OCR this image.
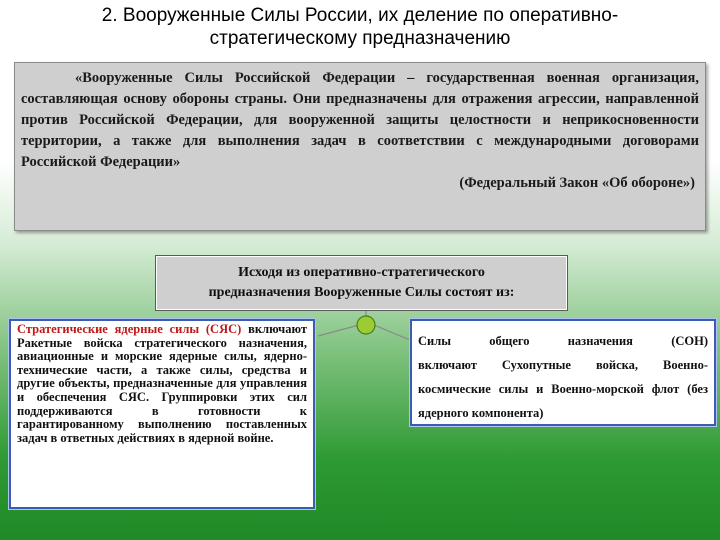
2. Вооруженные Силы России, их деление по оперативно-
стратегическому предназначению
«Вооруженные Силы Российской Федерации – государственная военная организация, составляющая основу обороны страны. Они предназначены для отражения агрессии, направленной против Российской Федерации, для вооруженной защиты целостности и неприкосновенности территории, а также для выполнения задач в соответствии с международными договорами Российской Федерации»
(Федеральный Закон «Об обороне»)
Исходя из оперативно-стратегического
предназначения Вооруженные Силы состоят из:
Стратегические ядерные силы (СЯС) включают Ракетные войска стратегического назначения, авиационные и морские ядерные силы, ядерно-технические части, а также силы, средства и другие объекты, предназначенные для управления и обеспечения СЯС. Группировки этих сил поддерживаются в готовности к гарантированному выполнению поставленных задач в ответных действиях в ядерной войне.
Силы	общего	назначения	(СОН)
включают Сухопутные войска, Военно-космические силы и Военно-морской флот (без ядерного компонента)
